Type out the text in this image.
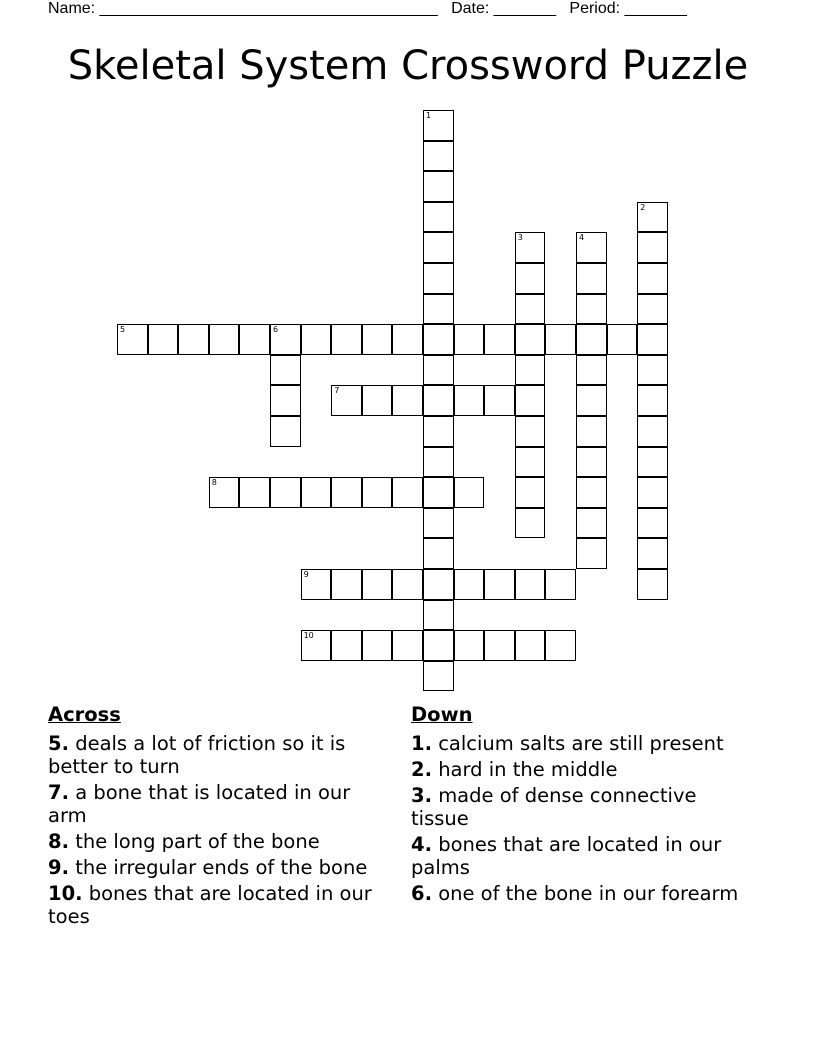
Name: ______________________________________ Date: _______ Period: _______
Skeletal System Crossword Puzzle
1
2
3	4
5	6
7
8
9
10
Across
5. deals a lot of friction so it is better to turn
7. a bone that is located in our arm
8. the long part of the bone
9. the irregular ends of the bone
10. bones that are located in our toes
Down
1. calcium salts are still present
2. hard in the middle
3. made of dense connective tissue
4. bones that are located in our palms
6. one of the bone in our forearm
